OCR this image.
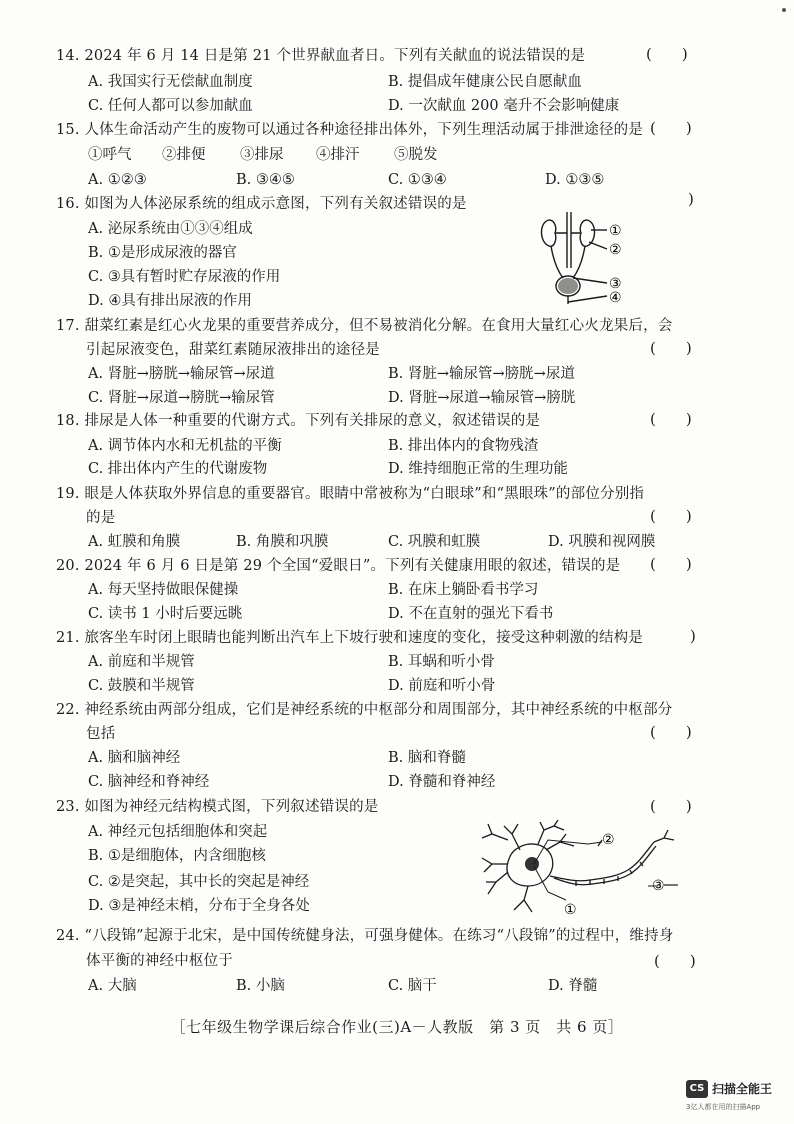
14. 2024 年 6 月 14 日是第 21 个世界献血者日。下列有关献血的说法错误的是	(　　)
A. 我国实行无偿献血制度	B. 提倡成年健康公民自愿献血
C. 任何人都可以参加献血	D. 一次献血 200 毫升不会影响健康
15. 人体生命活动产生的废物可以通过各种途径排出体外，下列生理活动属于排泄途径的是 (　　)
①呼气 ②排便 ③排尿 ④排汗 ⑤脱发
A. ①②③	B. ③④⑤	C. ①③④	D. ①③⑤
16. 如图为人体泌尿系统的组成示意图，下列有关叙述错误的是	)
A. 泌尿系统由①③④组成
B. ①是形成尿液的器官
C. ③具有暂时贮存尿液的作用
D. ④具有排出尿液的作用
①
②
③
④
17. 甜菜红素是红心火龙果的重要营养成分，但不易被消化分解。在食用大量红心火龙果后，会
引起尿液变色，甜菜红素随尿液排出的途径是	(　　)
A. 肾脏→膀胱→输尿管→尿道	B. 肾脏→输尿管→膀胱→尿道
C. 肾脏→尿道→膀胱→输尿管	D. 肾脏→尿道→输尿管→膀胱
18. 排尿是人体一种重要的代谢方式。下列有关排尿的意义，叙述错误的是	(　　)
A. 调节体内水和无机盐的平衡	B. 排出体内的食物残渣
C. 排出体内产生的代谢废物	D. 维持细胞正常的生理功能
19. 眼是人体获取外界信息的重要器官。眼睛中常被称为“白眼球”和“黑眼珠”的部位分别指
的是	(　　)
A. 虹膜和角膜	B. 角膜和巩膜	C. 巩膜和虹膜	D. 巩膜和视网膜
20. 2024 年 6 月 6 日是第 29 个全国“爱眼日”。下列有关健康用眼的叙述，错误的是 (　　)
A. 每天坚持做眼保健操	B. 在床上躺卧看书学习
C. 读书 1 小时后要远眺	D. 不在直射的强光下看书
21. 旅客坐车时闭上眼睛也能判断出汽车上下坡行驶和速度的变化，接受这种刺激的结构是	)
A. 前庭和半规管	B. 耳蜗和听小骨
C. 鼓膜和半规管	D. 前庭和听小骨
22. 神经系统由两部分组成，它们是神经系统的中枢部分和周围部分，其中神经系统的中枢部分
包括	(　　)
A. 脑和脑神经	B. 脑和脊髓
C. 脑神经和脊神经	D. 脊髓和脊神经
23. 如图为神经元结构模式图，下列叙述错误的是	(　　)
A. 神经元包括细胞体和突起
B. ①是细胞体，内含细胞核
C. ②是突起，其中长的突起是神经
D. ③是神经末梢，分布于全身各处
②
③
①
24. “八段锦”起源于北宋，是中国传统健身法，可强身健体。在练习“八段锦”的过程中，维持身
体平衡的神经中枢位于	(　　)
A. 大脑	B. 小脑	C. 脑干	D. 脊髓
［七年级生物学课后综合作业(三)A－人教版　第 3 页　共 6 页］
CS 扫描全能王
3亿人都在用的扫描App
